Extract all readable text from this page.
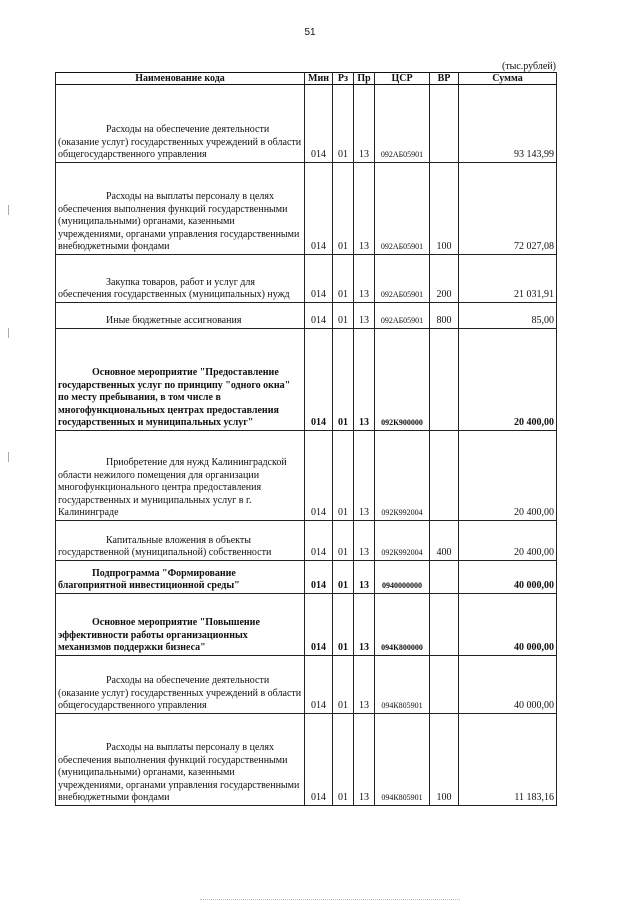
51
(тыс.рублей)
Наименование кода	Мин	Рз	Пр	ЦСР	ВР	Сумма
Расходы на обеспечение деятельности (оказание услуг) государственных учреждений в области общегосударственного управления	014	01	13	092АБ05901		93 143,99
Расходы на выплаты персоналу в целях обеспечения выполнения функций государственными (муниципальными) органами, казенными учреждениями, органами управления государственными внебюджетными фондами	014	01	13	092АБ05901	100	72 027,08
Закупка товаров, работ и услуг для обеспечения государственных (муниципальных) нужд	014	01	13	092АБ05901	200	21 031,91
Иные бюджетные ассигнования	014	01	13	092АБ05901	800	85,00
Основное мероприятие "Предоставление государственных услуг по принципу "одного окна" по месту пребывания, в том числе в многофункциональных центрах предоставления государственных и муниципальных услуг"	014	01	13	092К900000		20 400,00
Приобретение для нужд Калининградской области нежилого помещения для организации многофункционального центра предоставления государственных и муниципальных услуг в г. Калининграде	014	01	13	092К992004		20 400,00
Капитальные вложения в объекты государственной (муниципальной) собственности	014	01	13	092К992004	400	20 400,00
Подпрограмма "Формирование благоприятной инвестиционной среды"	014	01	13	0940000000		40 000,00
Основное мероприятие "Повышение эффективности работы организационных механизмов поддержки бизнеса"	014	01	13	094К800000		40 000,00
Расходы на обеспечение деятельности (оказание услуг) государственных учреждений в области общегосударственного управления	014	01	13	094К805901		40 000,00
Расходы на выплаты персоналу в целях обеспечения выполнения функций государственными (муниципальными) органами, казенными учреждениями, органами управления государственными внебюджетными фондами	014	01	13	094К805901	100	11 183,16
